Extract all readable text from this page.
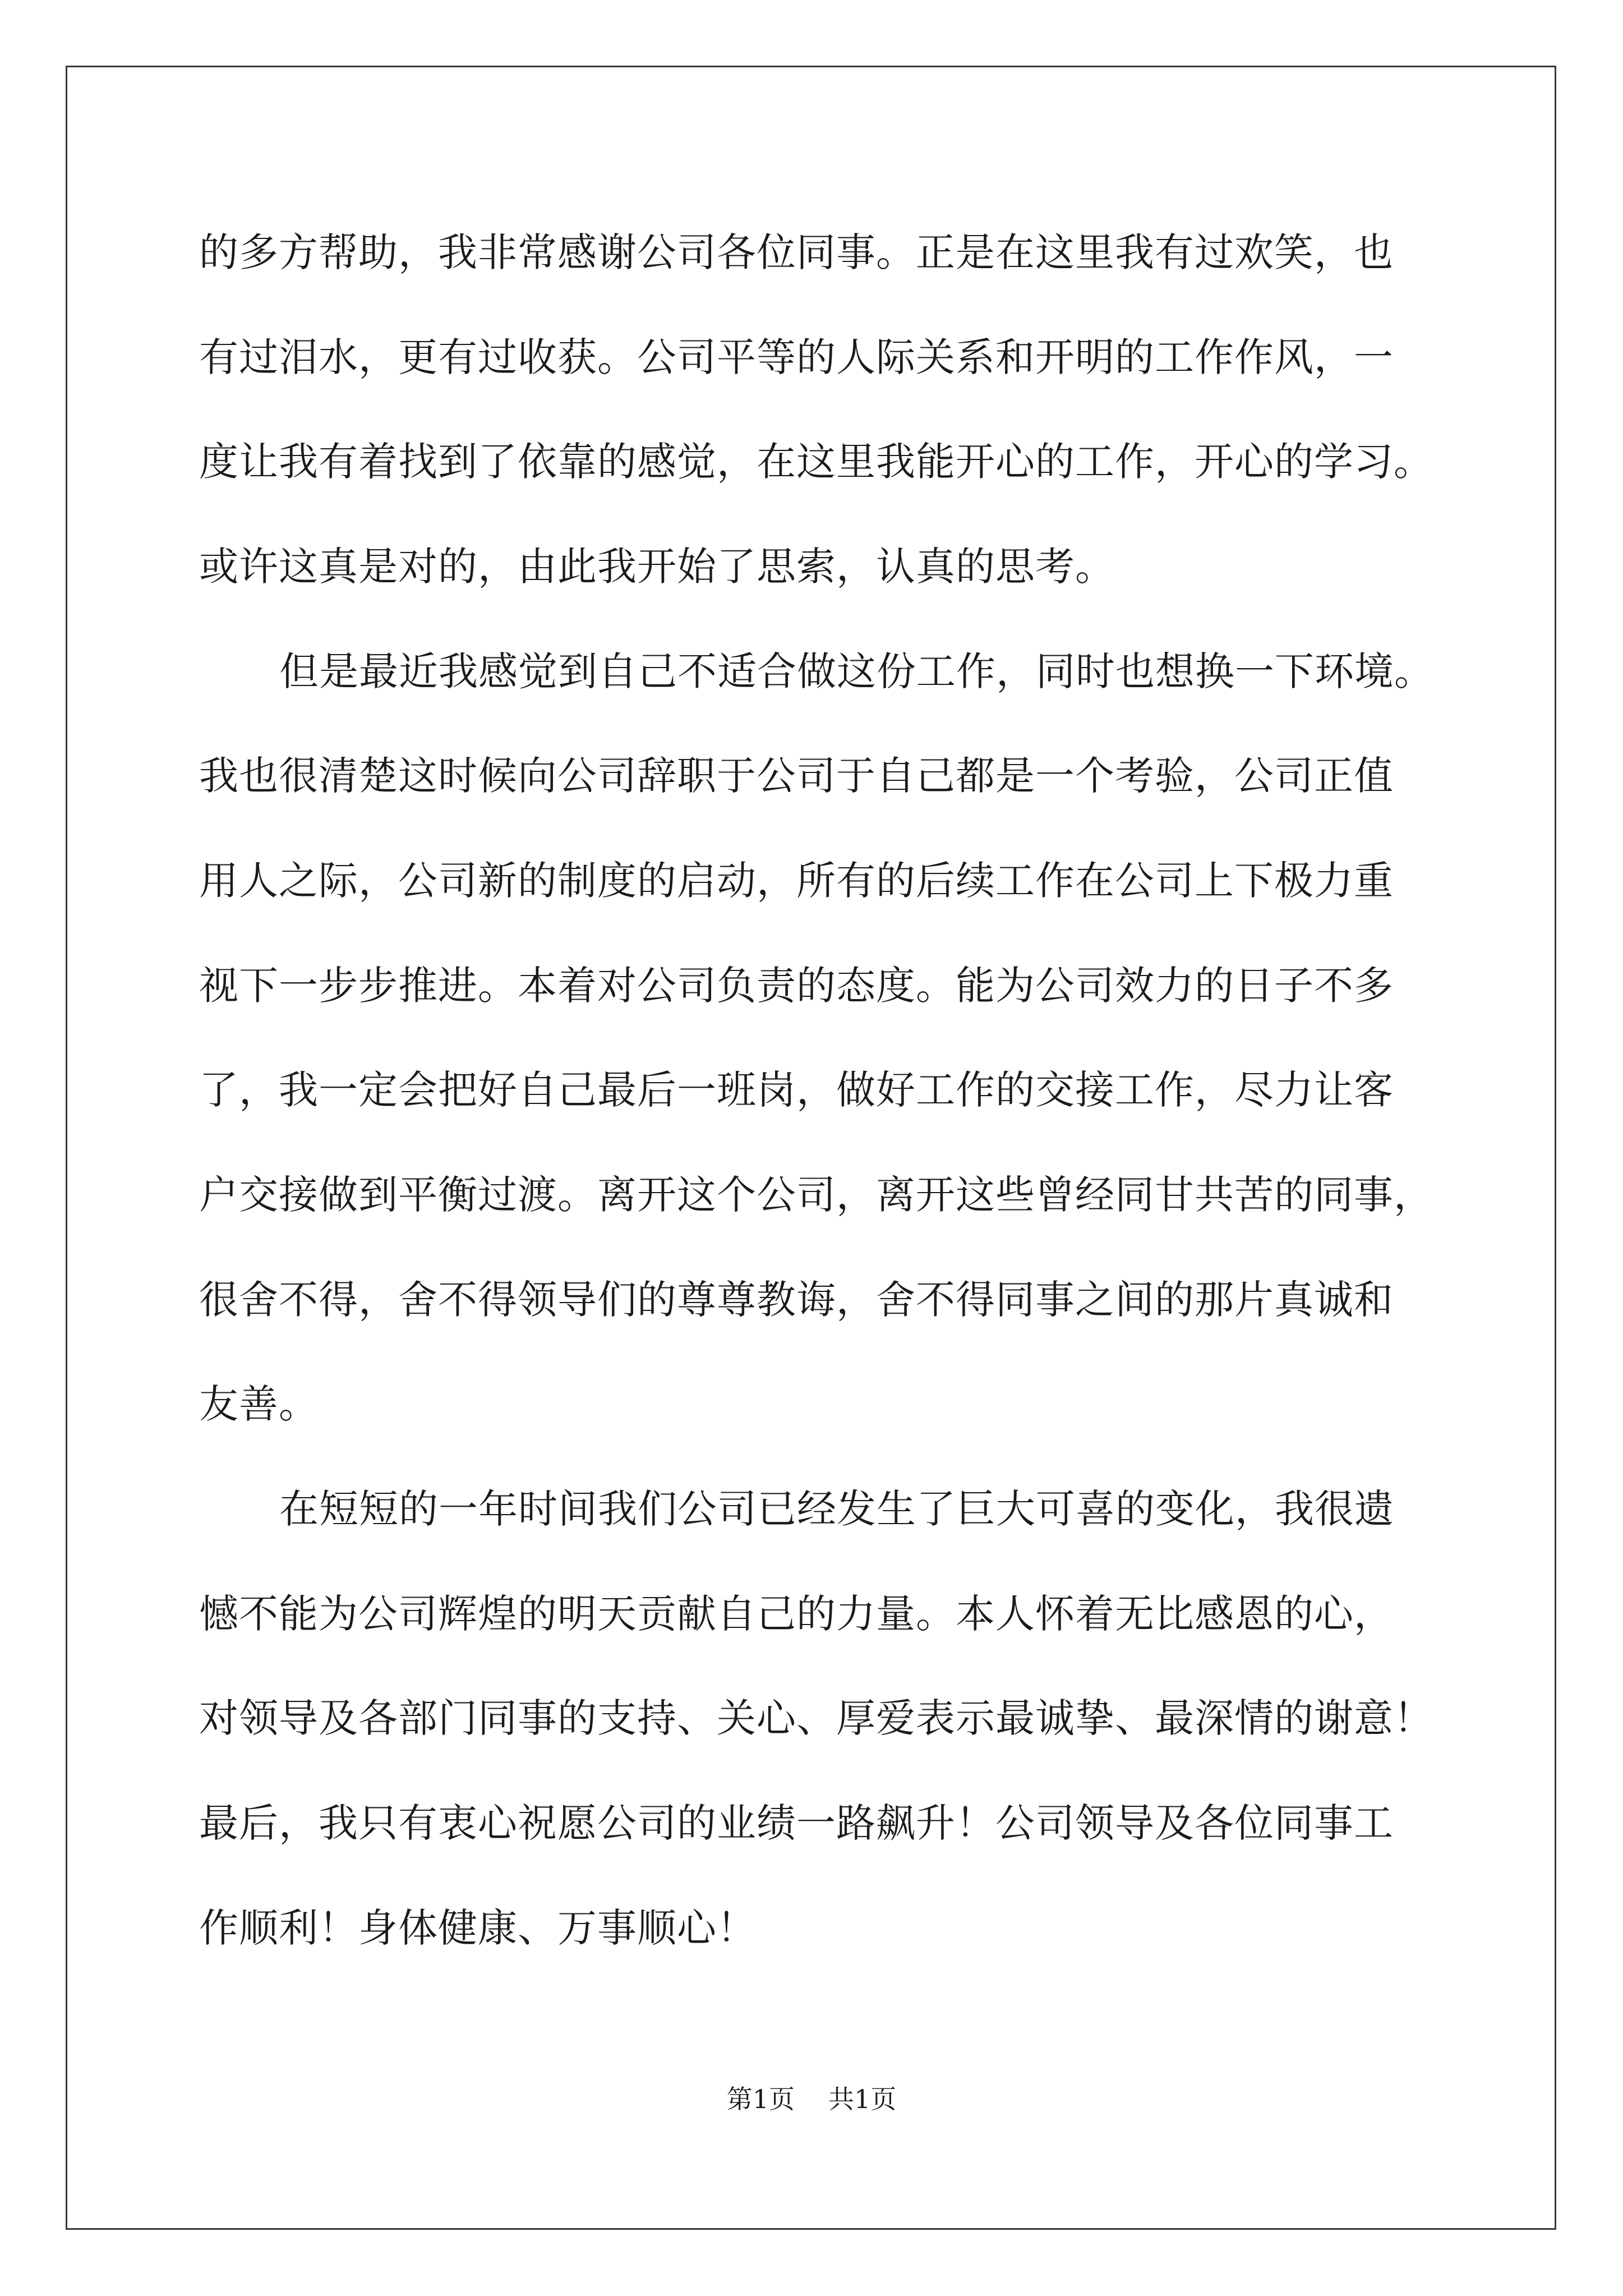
的多方帮助，我非常感谢公司各位同事。正是在这里我有过欢笑，也
有过泪水，更有过收获。公司平等的人际关系和开明的工作作风，一
度让我有着找到了依靠的感觉，在这里我能开心的工作，开心的学习。
或许这真是对的，由此我开始了思索，认真的思考。
但是最近我感觉到自己不适合做这份工作，同时也想换一下环境。
我也很清楚这时候向公司辞职于公司于自己都是一个考验，公司正值
用人之际，公司新的制度的启动，所有的后续工作在公司上下极力重
视下一步步推进。本着对公司负责的态度。能为公司效力的日子不多
了，我一定会把好自己最后一班岗，做好工作的交接工作，尽力让客
户交接做到平衡过渡。离开这个公司，离开这些曾经同甘共苦的同事，
很舍不得，舍不得领导们的尊尊教诲，舍不得同事之间的那片真诚和
友善。
在短短的一年时间我们公司已经发生了巨大可喜的变化，我很遗
憾不能为公司辉煌的明天贡献自己的力量。本人怀着无比感恩的心，
对领导及各部门同事的支持、关心、厚爱表示最诚挚、最深情的谢意！
最后，我只有衷心祝愿公司的业绩一路飙升！公司领导及各位同事工
作顺利！身体健康、万事顺心！
第1页 共1页
